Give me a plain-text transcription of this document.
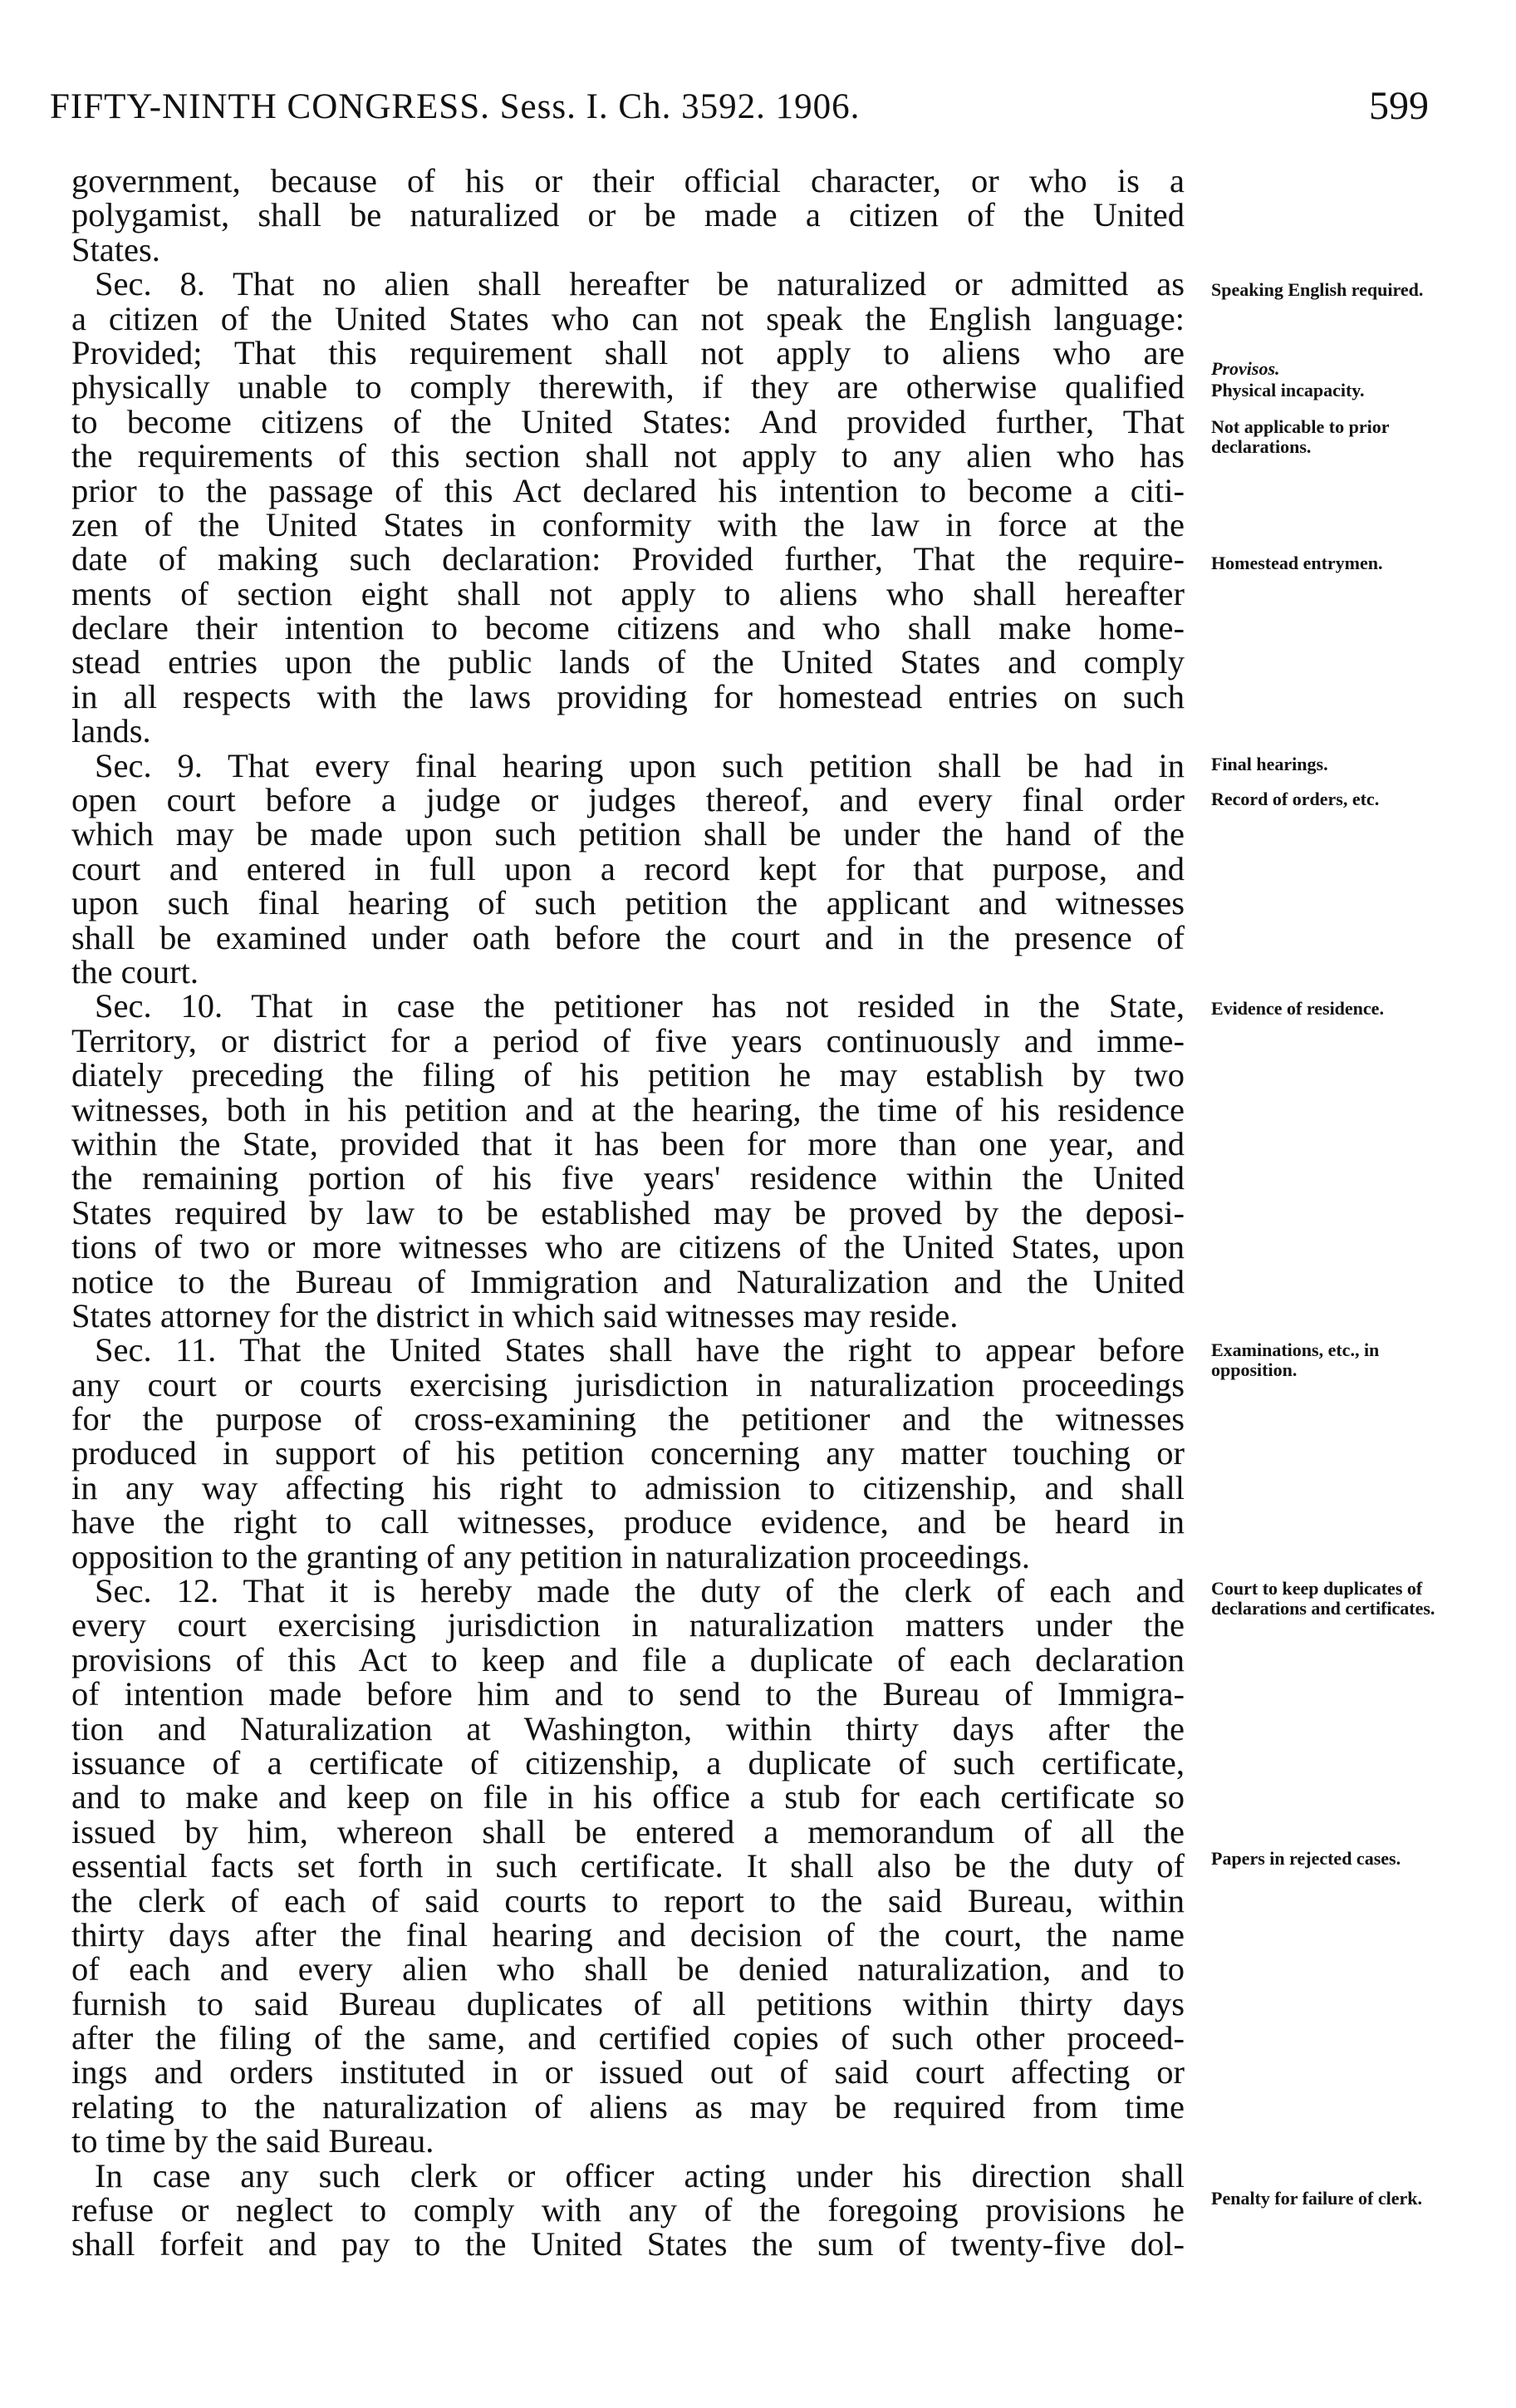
FIFTY-NINTH CONGRESS. Sess. I. Ch. 3592. 1906.	599
government, because of his or their official character, or who is a
polygamist, shall be naturalized or be made a citizen of the United
States.
Sec. 8. That no alien shall hereafter be naturalized or admitted as
a citizen of the United States who can not speak the English language:
Provided; That this requirement shall not apply to aliens who are
physically unable to comply therewith, if they are otherwise qualified
to become citizens of the United States: And provided further, That
the requirements of this section shall not apply to any alien who has
prior to the passage of this Act declared his intention to become a citi-
zen of the United States in conformity with the law in force at the
date of making such declaration: Provided further, That the require-
ments of section eight shall not apply to aliens who shall hereafter
declare their intention to become citizens and who shall make home-
stead entries upon the public lands of the United States and comply
in all respects with the laws providing for homestead entries on such
lands.
Sec. 9. That every final hearing upon such petition shall be had in
open court before a judge or judges thereof, and every final order
which may be made upon such petition shall be under the hand of the
court and entered in full upon a record kept for that purpose, and
upon such final hearing of such petition the applicant and witnesses
shall be examined under oath before the court and in the presence of
the court.
Sec. 10. That in case the petitioner has not resided in the State,
Territory, or district for a period of five years continuously and imme-
diately preceding the filing of his petition he may establish by two
witnesses, both in his petition and at the hearing, the time of his residence
within the State, provided that it has been for more than one year, and
the remaining portion of his five years' residence within the United
States required by law to be established may be proved by the deposi-
tions of two or more witnesses who are citizens of the United States, upon
notice to the Bureau of Immigration and Naturalization and the United
States attorney for the district in which said witnesses may reside.
Sec. 11. That the United States shall have the right to appear before
any court or courts exercising jurisdiction in naturalization proceedings
for the purpose of cross-examining the petitioner and the witnesses
produced in support of his petition concerning any matter touching or
in any way affecting his right to admission to citizenship, and shall
have the right to call witnesses, produce evidence, and be heard in
opposition to the granting of any petition in naturalization proceedings.
Sec. 12. That it is hereby made the duty of the clerk of each and
every court exercising jurisdiction in naturalization matters under the
provisions of this Act to keep and file a duplicate of each declaration
of intention made before him and to send to the Bureau of Immigra-
tion and Naturalization at Washington, within thirty days after the
issuance of a certificate of citizenship, a duplicate of such certificate,
and to make and keep on file in his office a stub for each certificate so
issued by him, whereon shall be entered a memorandum of all the
essential facts set forth in such certificate. It shall also be the duty of
the clerk of each of said courts to report to the said Bureau, within
thirty days after the final hearing and decision of the court, the name
of each and every alien who shall be denied naturalization, and to
furnish to said Bureau duplicates of all petitions within thirty days
after the filing of the same, and certified copies of such other proceed-
ings and orders instituted in or issued out of said court affecting or
relating to the naturalization of aliens as may be required from time
to time by the said Bureau.
In case any such clerk or officer acting under his direction shall
refuse or neglect to comply with any of the foregoing provisions he
shall forfeit and pay to the United States the sum of twenty-five dol-
Speaking English required.
Provisos.
Physical incapacity.
Not applicable to prior declarations.
Homestead entrymen.
Final hearings.
Record of orders, etc.
Evidence of residence.
Examinations, etc., in opposition.
Court to keep duplicates of declarations and certificates.
Papers in rejected cases.
Penalty for failure of clerk.
